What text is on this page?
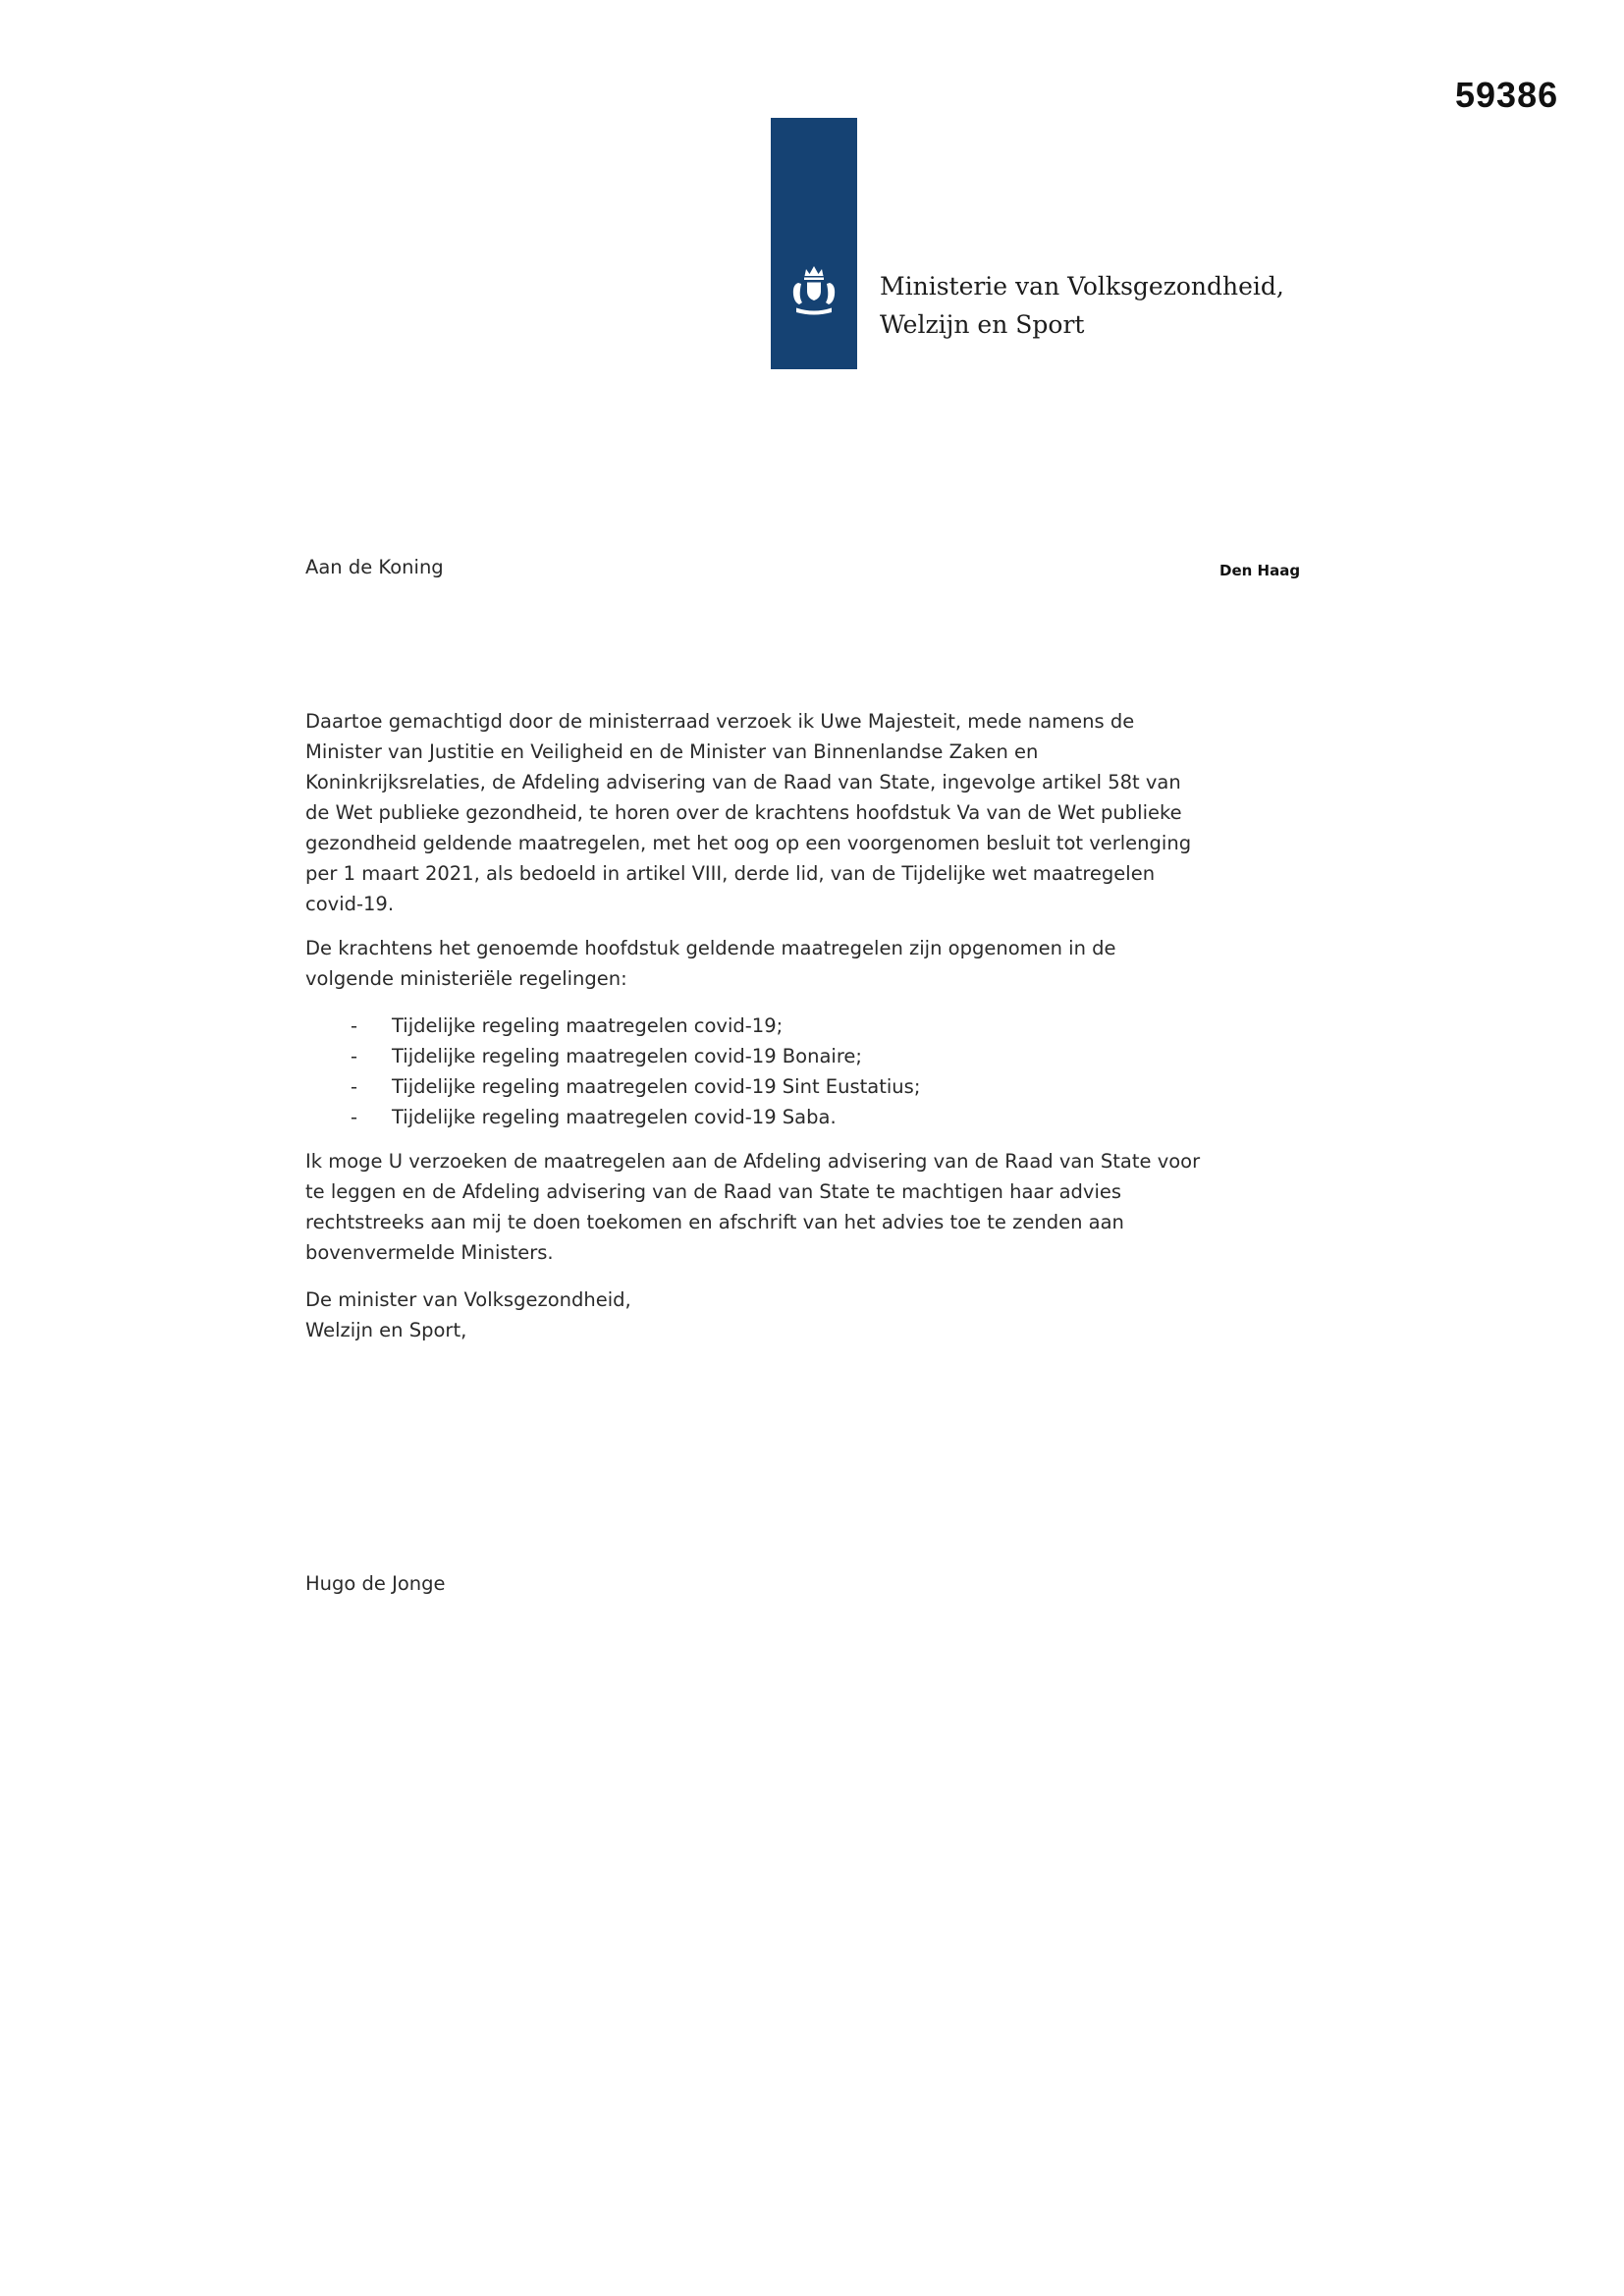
59386
Ministerie van Volksgezondheid,
Welzijn en Sport
Aan de Koning	Den Haag

Daartoe gemachtigd door de ministerraad verzoek ik Uwe Majesteit, mede namens de Minister van Justitie en Veiligheid en de Minister van Binnenlandse Zaken en Koninkrijksrelaties, de Afdeling advisering van de Raad van State, ingevolge artikel 58t van de Wet publieke gezondheid, te horen over de krachtens hoofdstuk Va van de Wet publieke gezondheid geldende maatregelen, met het oog op een voorgenomen besluit tot verlenging per 1 maart 2021, als bedoeld in artikel VIII, derde lid, van de Tijdelijke wet maatregelen covid-19.

De krachtens het genoemde hoofdstuk geldende maatregelen zijn opgenomen in de volgende ministeriële regelingen:

- Tijdelijke regeling maatregelen covid-19;
- Tijdelijke regeling maatregelen covid-19 Bonaire;
- Tijdelijke regeling maatregelen covid-19 Sint Eustatius;
- Tijdelijke regeling maatregelen covid-19 Saba.

Ik moge U verzoeken de maatregelen aan de Afdeling advisering van de Raad van State voor te leggen en de Afdeling advisering van de Raad van State te machtigen haar advies rechtstreeks aan mij te doen toekomen en afschrift van het advies toe te zenden aan bovenvermelde Ministers.

De minister van Volksgezondheid,
Welzijn en Sport,
Hugo de Jonge
